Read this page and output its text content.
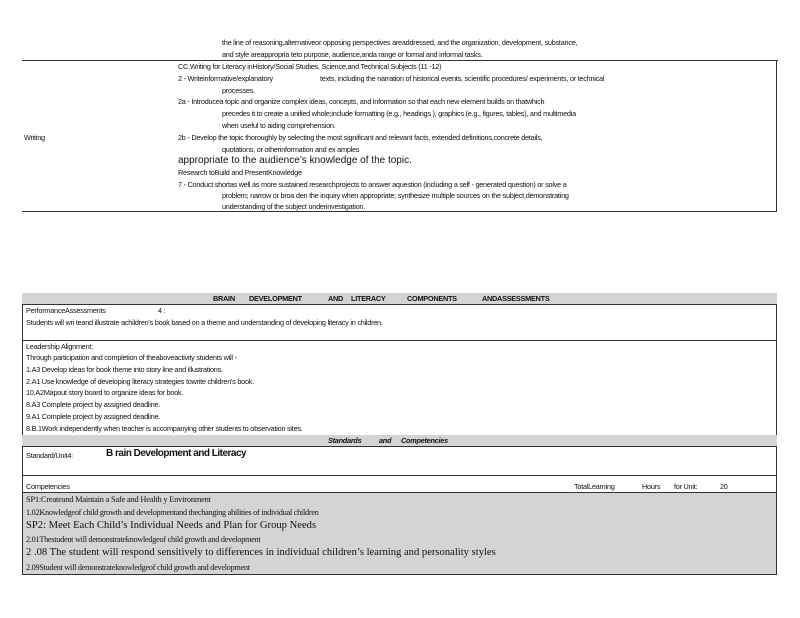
the line of reasoning,alternativeor opposing perspectives areaddressed, and the organization, development, substance,
and style areappropria teto purpose, audience,anda range or formal and informal tasks.
CC.Writing for Literacy inHistory/Social Studies, Science,and Technical Subjects (11 -12)
2 - Writeinformative/explanatory	texts, including the narration of historical events, scientific procedures/ experiments, or technical
processes.
2a - Introducea topic and organize complex ideas, concepts, and information so that each new element builds on thatwhich
precedes it to create a unified whole;include formatting (e.g., headings ), graphics (e.g., figures, tables), and multimedia
when useful to aiding comprehension.
Writing	2b - Develop the topic thoroughly by selecting the most significant and relevant facts, extended definitions,concrete details,
quotations, or otherinformation and ex amples
appropriate to the audience’s knowledge of the topic.
Research toBuild and PresentKnowledge
7 - Conduct shortas well as more sustained researchprojects to answer aquestion (including a self - generated question) or solve a
problem; narrow or broa den the inquiry when appropriate; synthesize multiple sources on the subject,demonstrating
understanding of the subject underinvestigation.
BRAIN DEVELOPMENT	AND LITERACY	COMPONENTS	ANDASSESSMENTS
PerformanceAssessments	4 :
Students will wri teand illustrate achildren's book based on a theme and understanding of developing literacy in children.
Leadership Alignment:
Through participation and completion of theaboveactivity students will -
1.A3 Develop ideas for book theme into story line and illustrations.
2.A1 Use knowledge of developing literacy strategies towrite children's book.
10.A2Mapout story board to organize ideas for book.
8.A3 Complete project by assigned deadline.
9.A1 Complete project by assigned deadline.
8.B.1Work independently when teacher is accompanying other students to observation sites.
Standards and Competencies
Standard/Unit4:	B rain Development and Literacy
Competencies	TotalLearning	Hours for Unit:	20
SP1:Createand Maintain a Safe and Health y Environment
1.02Knowledgeof child growth and developmentand thechanging abilities of individual children
SP2: Meet Each Child’s Individual Needs and Plan for Group Needs
2.01Thestudent will demonstrateknowledgeof child growth and development
2 .08 The student will respond sensitively to differences in individual children’s learning and personality styles
2.09Student will demonstrateknowledgeof child growth and development
